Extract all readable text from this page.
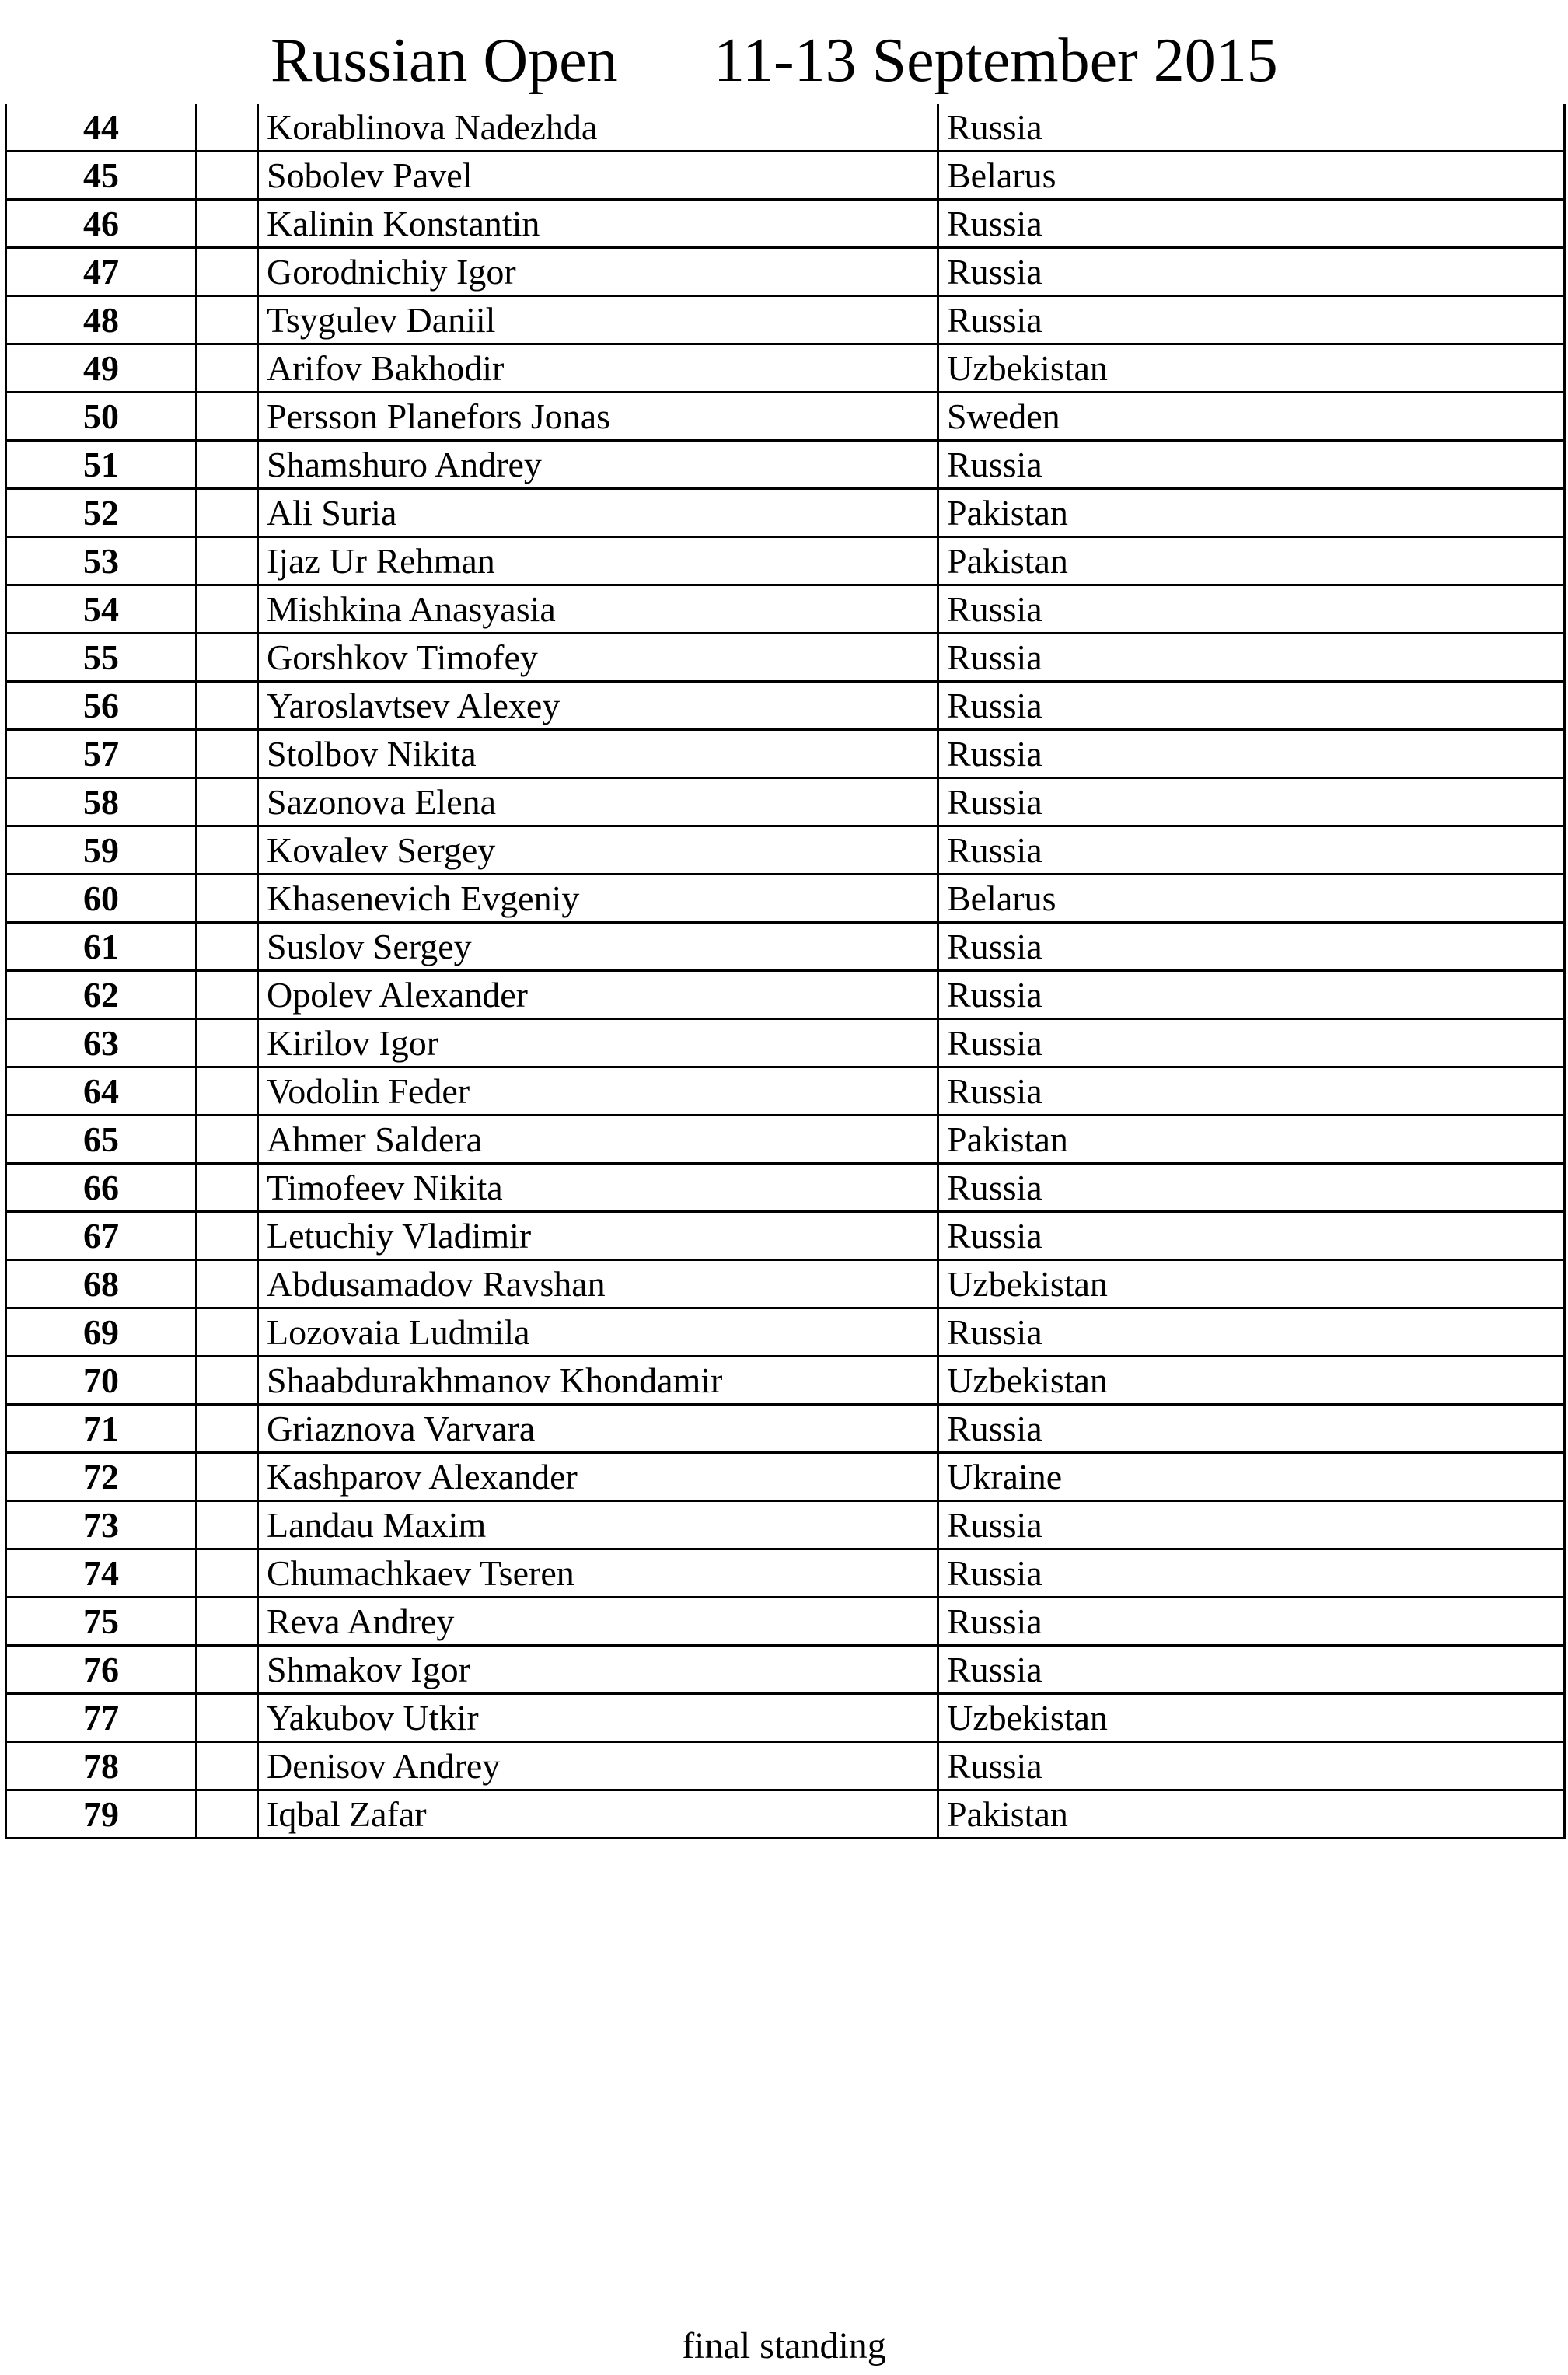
Russian Open 11-13 September 2015
44		Korablinova Nadezhda	Russia
45		Sobolev Pavel	Belarus
46		Kalinin Konstantin	Russia
47		Gorodnichiy Igor	Russia
48		Tsygulev Daniil	Russia
49		Arifov Bakhodir	Uzbekistan
50		Persson Planefors Jonas	Sweden
51		Shamshuro Andrey	Russia
52		Ali Suria	Pakistan
53		Ijaz Ur Rehman	Pakistan
54		Mishkina Anasyasia	Russia
55		Gorshkov Timofey	Russia
56		Yaroslavtsev Alexey	Russia
57		Stolbov Nikita	Russia
58		Sazonova Elena	Russia
59		Kovalev Sergey	Russia
60		Khasenevich Evgeniy	Belarus
61		Suslov Sergey	Russia
62		Opolev Alexander	Russia
63		Kirilov Igor	Russia
64		Vodolin Feder	Russia
65		Ahmer Saldera	Pakistan
66		Timofeev Nikita	Russia
67		Letuchiy Vladimir	Russia
68		Abdusamadov Ravshan	Uzbekistan
69		Lozovaia Ludmila	Russia
70		Shaabdurakhmanov Khondamir	Uzbekistan
71		Griaznova Varvara	Russia
72		Kashparov Alexander	Ukraine
73		Landau Maxim	Russia
74		Chumachkaev Tseren	Russia
75		Reva Andrey	Russia
76		Shmakov Igor	Russia
77		Yakubov Utkir	Uzbekistan
78		Denisov Andrey	Russia
79		Iqbal Zafar	Pakistan
final standing
